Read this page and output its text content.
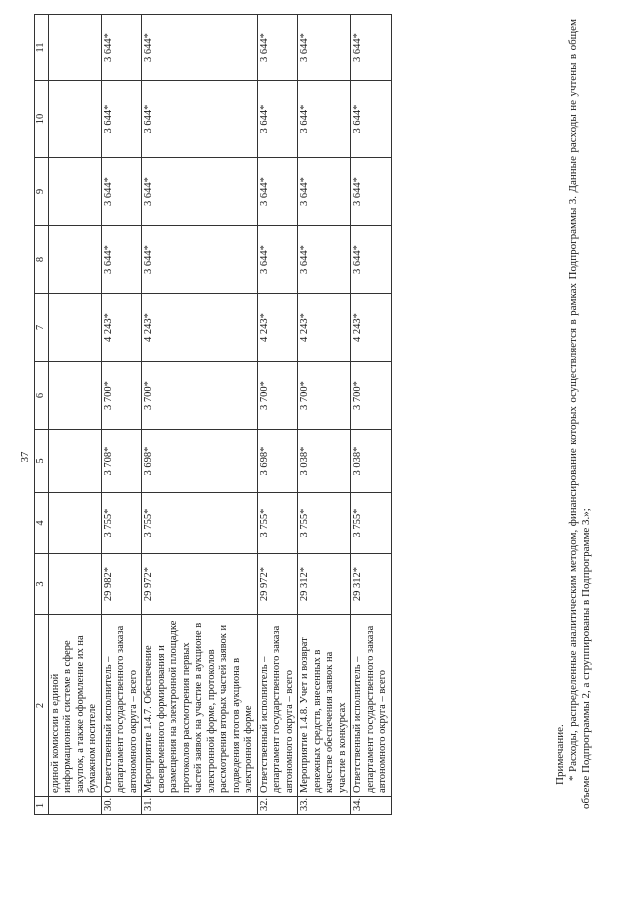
37
1	2	3	4	5	6	7	8	9	10	11
	единой комиссии в единой информационной системе в сфере закупок, а также оформление их на бумажном носителе									
30.	Ответственный исполнитель – департамент государственного заказа автономного округа – всего	29 982*	3 755*	3 708*	3 700*	4 243*	3 644*	3 644*	3 644*	3 644*
31.	Мероприятие 1.4.7. Обеспечение своевременного формирования и размещения на электронной площадке протоколов рассмотрения первых частей заявок на участие в аукционе в электронной форме, протоколов рассмотрения вторых частей заявок и подведения итогов аукциона в электронной форме	29 972*	3 755*	3 698*	3 700*	4 243*	3 644*	3 644*	3 644*	3 644*
32.	Ответственный исполнитель – департамент государственного заказа автономного округа – всего	29 972*	3 755*	3 698*	3 700*	4 243*	3 644*	3 644*	3 644*	3 644*
33.	Мероприятие 1.4.8. Учет и возврат денежных средств, внесенных в качестве обеспечения заявок на участие в конкурсах	29 312*	3 755*	3 038*	3 700*	4 243*	3 644*	3 644*	3 644*	3 644*
34.	Ответственный исполнитель – департамент государственного заказа автономного округа – всего	29 312*	3 755*	3 038*	3 700*	4 243*	3 644*	3 644*	3 644*	3 644*

Примечание. * Расходы, распределенные аналитическим методом, финансирование которых осуществляется в рамках Подпрограммы 3. Данные расходы не учтены в общем объеме Подпрограммы 2, а сгруппированы в Подпрограмме 3.»;
